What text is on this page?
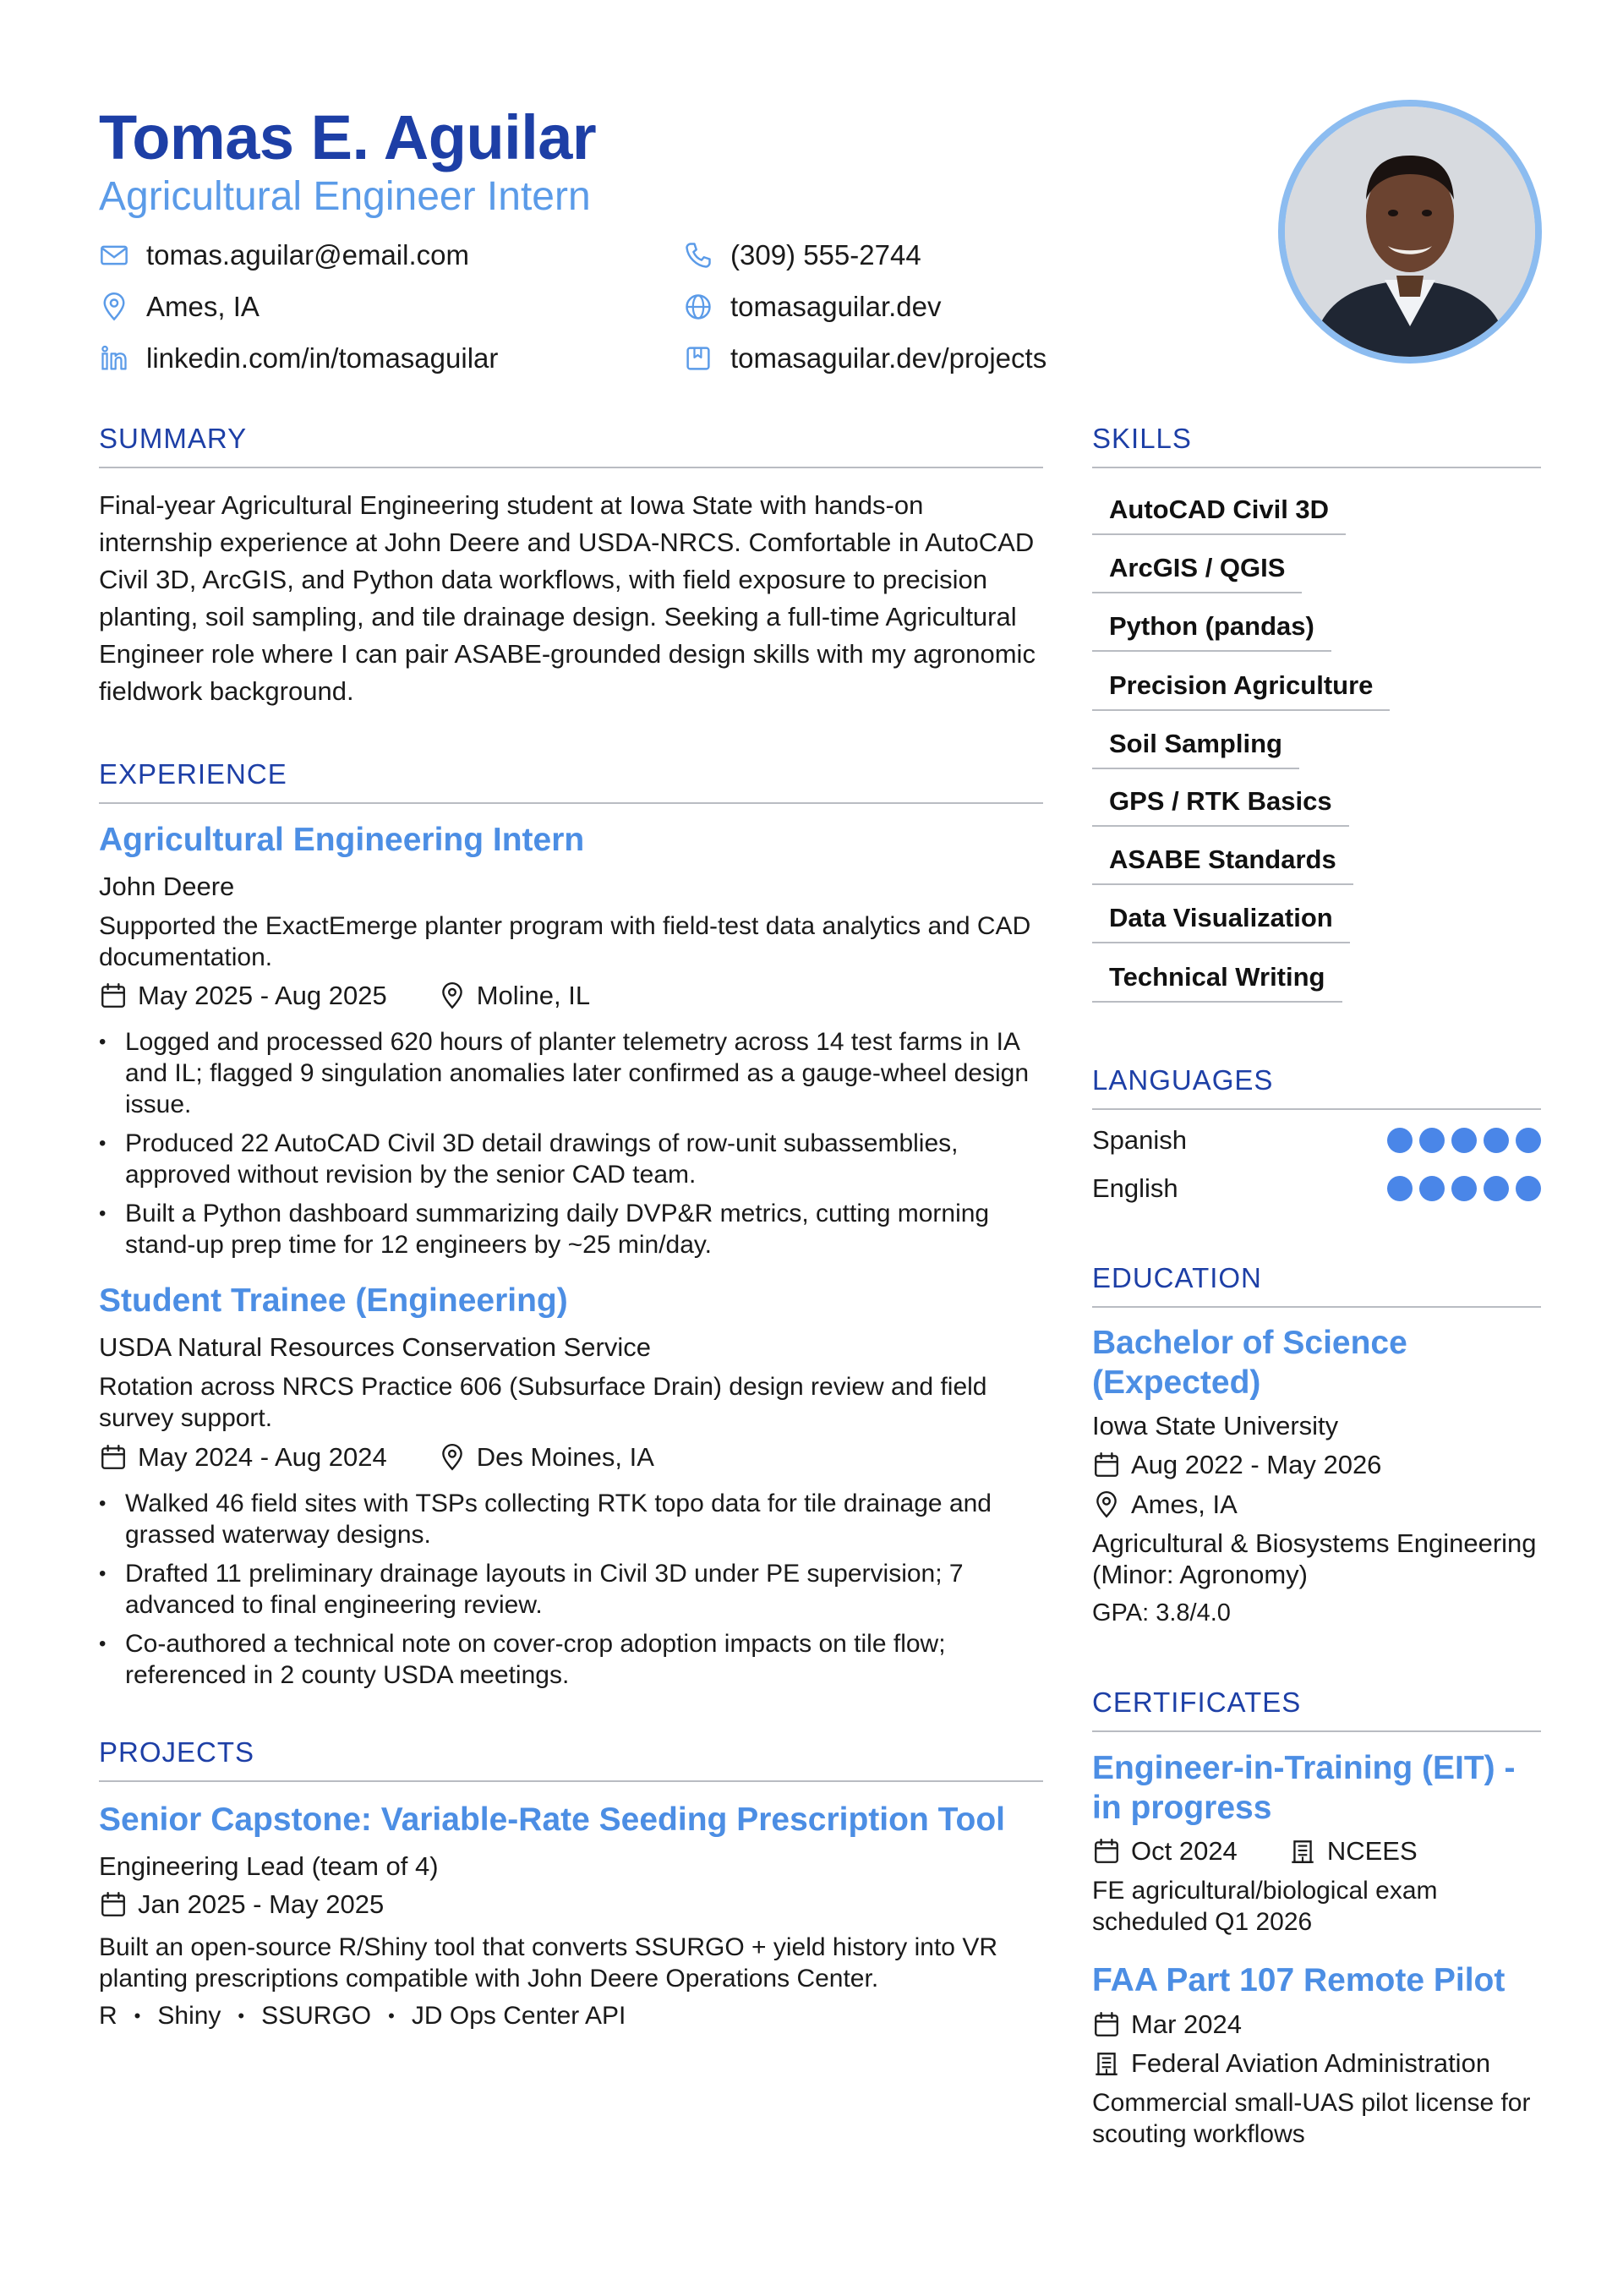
Tomas E. Aguilar
Agricultural Engineer Intern
tomas.aguilar@email.com	(309) 555-2744
Ames, IA	tomasaguilar.dev
linkedin.com/in/tomasaguilar	tomasaguilar.dev/projects
SUMMARY
Final-year Agricultural Engineering student at Iowa State with hands-on internship experience at John Deere and USDA-NRCS. Comfortable in AutoCAD Civil 3D, ArcGIS, and Python data workflows, with field exposure to precision planting, soil sampling, and tile drainage design. Seeking a full-time Agricultural Engineer role where I can pair ASABE-grounded design skills with my agronomic fieldwork background.
EXPERIENCE
Agricultural Engineering Intern
John Deere
Supported the ExactEmerge planter program with field-test data analytics and CAD documentation.
May 2025 - Aug 2025	Moline, IL
• Logged and processed 620 hours of planter telemetry across 14 test farms in IA and IL; flagged 9 singulation anomalies later confirmed as a gauge-wheel design issue.
• Produced 22 AutoCAD Civil 3D detail drawings of row-unit subassemblies, approved without revision by the senior CAD team.
• Built a Python dashboard summarizing daily DVP&R metrics, cutting morning stand-up prep time for 12 engineers by ~25 min/day.
Student Trainee (Engineering)
USDA Natural Resources Conservation Service
Rotation across NRCS Practice 606 (Subsurface Drain) design review and field survey support.
May 2024 - Aug 2024	Des Moines, IA
• Walked 46 field sites with TSPs collecting RTK topo data for tile drainage and grassed waterway designs.
• Drafted 11 preliminary drainage layouts in Civil 3D under PE supervision; 7 advanced to final engineering review.
• Co-authored a technical note on cover-crop adoption impacts on tile flow; referenced in 2 county USDA meetings.
PROJECTS
Senior Capstone: Variable-Rate Seeding Prescription Tool
Engineering Lead (team of 4)
Jan 2025 - May 2025
Built an open-source R/Shiny tool that converts SSURGO + yield history into VR planting prescriptions compatible with John Deere Operations Center.
R • Shiny • SSURGO • JD Ops Center API
SKILLS
AutoCAD Civil 3D
ArcGIS / QGIS
Python (pandas)
Precision Agriculture
Soil Sampling
GPS / RTK Basics
ASABE Standards
Data Visualization
Technical Writing
LANGUAGES
Spanish
English
EDUCATION
Bachelor of Science (Expected)
Iowa State University
Aug 2022 - May 2026
Ames, IA
Agricultural & Biosystems Engineering (Minor: Agronomy)
GPA: 3.8/4.0
CERTIFICATES
Engineer-in-Training (EIT) - in progress
Oct 2024	NCEES
FE agricultural/biological exam scheduled Q1 2026
FAA Part 107 Remote Pilot
Mar 2024
Federal Aviation Administration
Commercial small-UAS pilot license for scouting workflows
